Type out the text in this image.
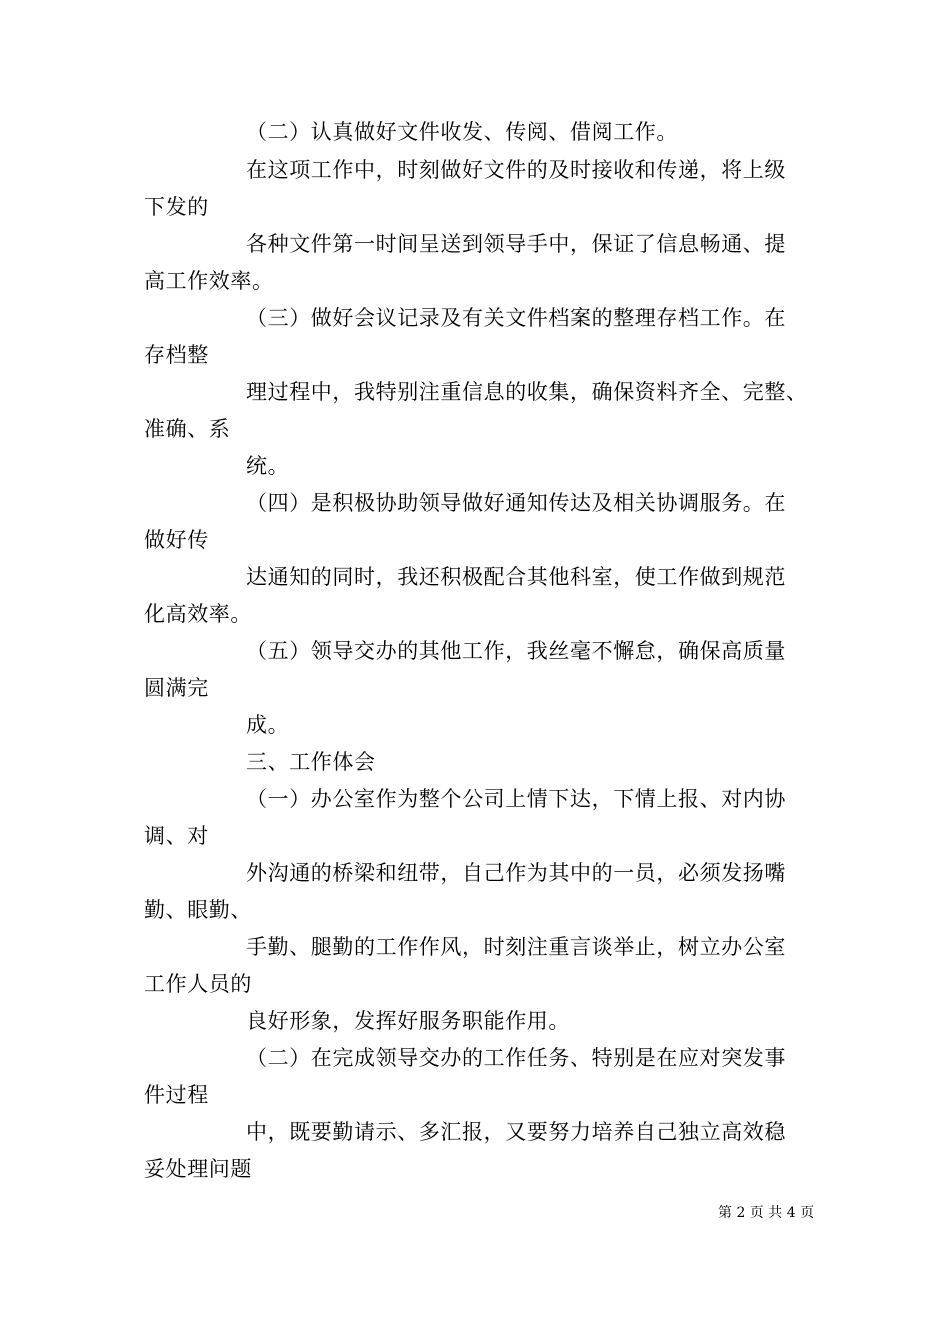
（二）认真做好文件收发、传阅、借阅工作。
在这项工作中，时刻做好文件的及时接收和传递，将上级
下发的
各种文件第一时间呈送到领导手中，保证了信息畅通、提
高工作效率。
（三）做好会议记录及有关文件档案的整理存档工作。在
存档整
理过程中，我特别注重信息的收集，确保资料齐全、完整、
准确、系
统。
（四）是积极协助领导做好通知传达及相关协调服务。在
做好传
达通知的同时，我还积极配合其他科室，使工作做到规范
化高效率。
（五）领导交办的其他工作，我丝毫不懈怠，确保高质量
圆满完
成。
三、工作体会
（一）办公室作为整个公司上情下达，下情上报、对内协
调、对
外沟通的桥梁和纽带，自己作为其中的一员，必须发扬嘴
勤、眼勤、
手勤、腿勤的工作作风，时刻注重言谈举止，树立办公室
工作人员的
良好形象，发挥好服务职能作用。
（二）在完成领导交办的工作任务、特别是在应对突发事
件过程
中，既要勤请示、多汇报，又要努力培养自己独立高效稳
妥处理问题
第 2 页 共 4 页
